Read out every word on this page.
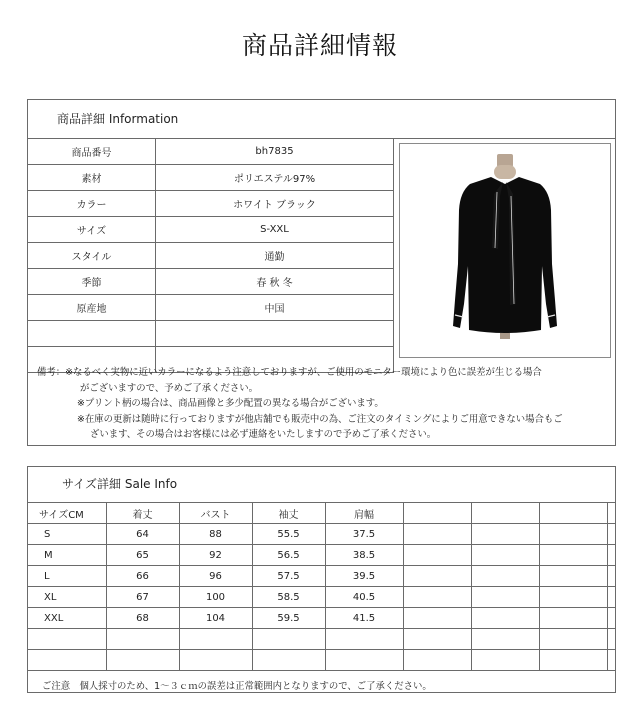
商品詳細情報
商品詳細 Information
商品番号	bh7835
素材	ポリエステル97%
カラー	ホワイト ブラック
サイズ	S-XXL
スタイル	通勤
季節	春 秋 冬
原産地	中国

備考：※なるべく実物に近いカラーになるよう注意しておりますが、ご使用のモニター環境により色に誤差が生じる場合
がございますので、予めご了承ください。
※プリント柄の場合は、商品画像と多少配置の異なる場合がございます。
※在庫の更新は随時に行っておりますが他店舗でも販売中の為、ご注文のタイミングによりご用意できない場合もご
ざいます、その場合はお客様には必ず連絡をいたしますので予めご了承ください。
サイズ詳細 Sale Info
サイズCM	着丈	バスト	袖丈	肩幅				
S	64	88	55.5	37.5				
M	65	92	56.5	38.5				
L	66	96	57.5	39.5				
XL	67	100	58.5	40.5				
XXL	68	104	59.5	41.5				

ご注意　個人採寸のため、1～３ｃｍの誤差は正常範囲内となりますので、ご了承ください。
